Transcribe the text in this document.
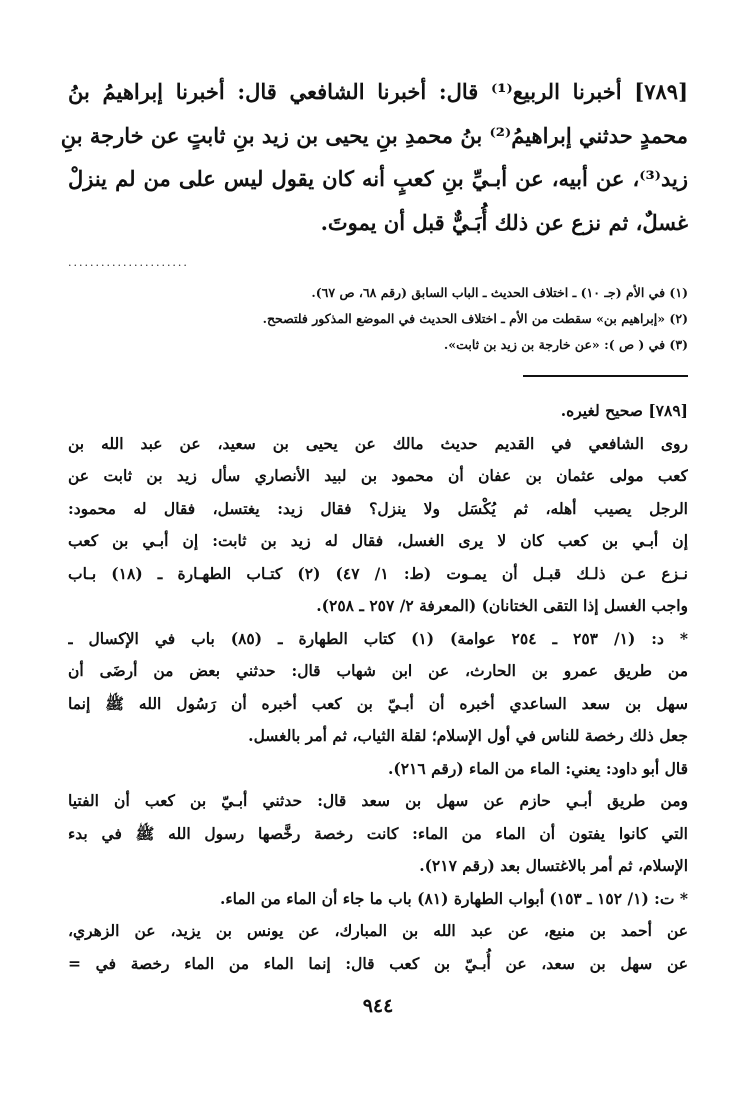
[٧٨٩] أخبرنا الربيع⁽¹⁾ قال: أخبرنا الشافعي قال: أخبرنا إبراهيمُ بنُ

محمدٍ حدثني إبراهيمُ⁽²⁾ بنُ محمدِ بنِ يحيى بن زيد بنِ ثابتٍ عن خارجة بنِ

زيد⁽³⁾، عن أبيه، عن أبـيِّ بنِ كعبٍ أنه كان يقول ليس على من لم ينزلْ

غسلٌ، ثم نزع عن ذلك أُبَـيٌّ قبل أن يموتَ.

......................

(١) في الأم (جـ ١٠) ـ اختلاف الحديث ـ الباب السابق (رقم ٦٨، ص ٦٧).

(٢) «إبراهيم بن» سقطت من الأم ـ اختلاف الحديث في الموضع المذكور فلتصحح.

(٣) في ( ص ): «عن خارجة بن زيد بن ثابت».

[٧٨٩] صحيح لغيره.

روى الشافعي في القديم حديث مالك عن يحيى بن سعيد، عن عبد الله بن

كعب مولى عثمان بن عفان أن محمود بن لبيد الأنصاري سأل زيد بن ثابت عن

الرجل يصيب أهله، ثم يُكْسَل ولا ينزل؟ فقال زيد: يغتسل، فقال له محمود:

إن أبـي بن كعب كان لا يرى الغسل، فقال له زيد بن ثابت: إن أبـي بن كعب

نـزع عـن ذلـك قبـل أن يمـوت (ط: ١/ ٤٧) (٢) كتـاب الطهـارة ـ (١٨) بـاب

واجب الغسل إذا التقى الختانان) (المعرفة ٢/ ٢٥٧ ـ ٢٥٨).

* د: (١/ ٢٥٣ ـ ٢٥٤ عوامة) (١) كتاب الطهارة ـ (٨٥) باب في الإكسال ـ

من طريق عمرو بن الحارث، عن ابن شهاب قال: حدثني بعض من أرضَى أن

سهل بن سعد الساعدي أخبره أن أبـيّ بن كعب أخبره أن رَسُول الله ﷺ إنما

جعل ذلك رخصة للناس في أول الإسلام؛ لقلة الثياب، ثم أمر بالغسل.

قال أبو داود: يعني: الماء من الماء (رقم ٢١٦).

ومن طريق أبـي حازم عن سهل بن سعد قال: حدثني أبـيّ بن كعب أن الفتيا

التي كانوا يفتون أن الماء من الماء: كانت رخصة رخَّصها رسول الله ﷺ في بدء

الإسلام، ثم أمر بالاغتسال بعد (رقم ٢١٧).

* ت: (١/ ١٥٢ ـ ١٥٣) أبواب الطهارة (٨١) باب ما جاء أن الماء من الماء.

عن أحمد بن منيع، عن عبد الله بن المبارك، عن يونس بن يزيد، عن الزهري،

عن سهل بن سعد، عن أُبـيّ بن كعب قال: إنما الماء من الماء رخصة في =

٩٤٤
